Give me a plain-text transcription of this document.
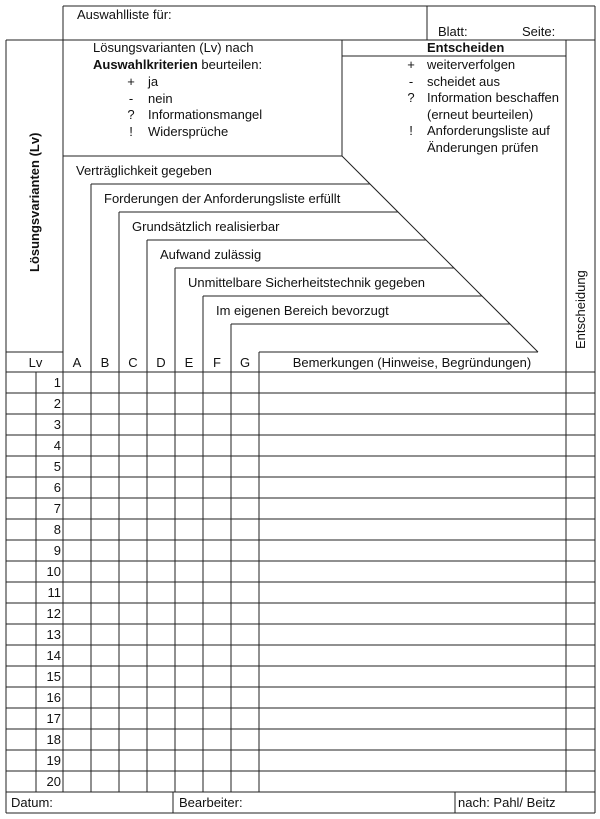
Auswahlliste für:
Blatt:	Seite:
Lösungsvarianten (Lv) nach
Auswahlkriterien beurteilen:
+	ja
-	nein
?	Informationsmangel
!	Widersprüche
Entscheiden
+ weiterverfolgen
-	scheidet aus
? Information beschaffen
(erneut beurteilen)
!	Anforderungsliste auf
Änderungen prüfen
Lösungsvarianten (Lv)
Entscheidung
Verträglichkeit gegeben
Forderungen der Anforderungsliste erfüllt
Grundsätzlich realisierbar
Aufwand zulässig
Unmittelbare Sicherheitstechnik gegeben
Im eigenen Bereich bevorzugt
Lv	A	B	C	D	E	F	G	Bemerkungen (Hinweise, Begründungen)
1
2
3
4
5
6
7
8
9
10
11
12
13
14
15
16
17
18
19
20
Datum:	Bearbeiter:	nach: Pahl/ Beitz
